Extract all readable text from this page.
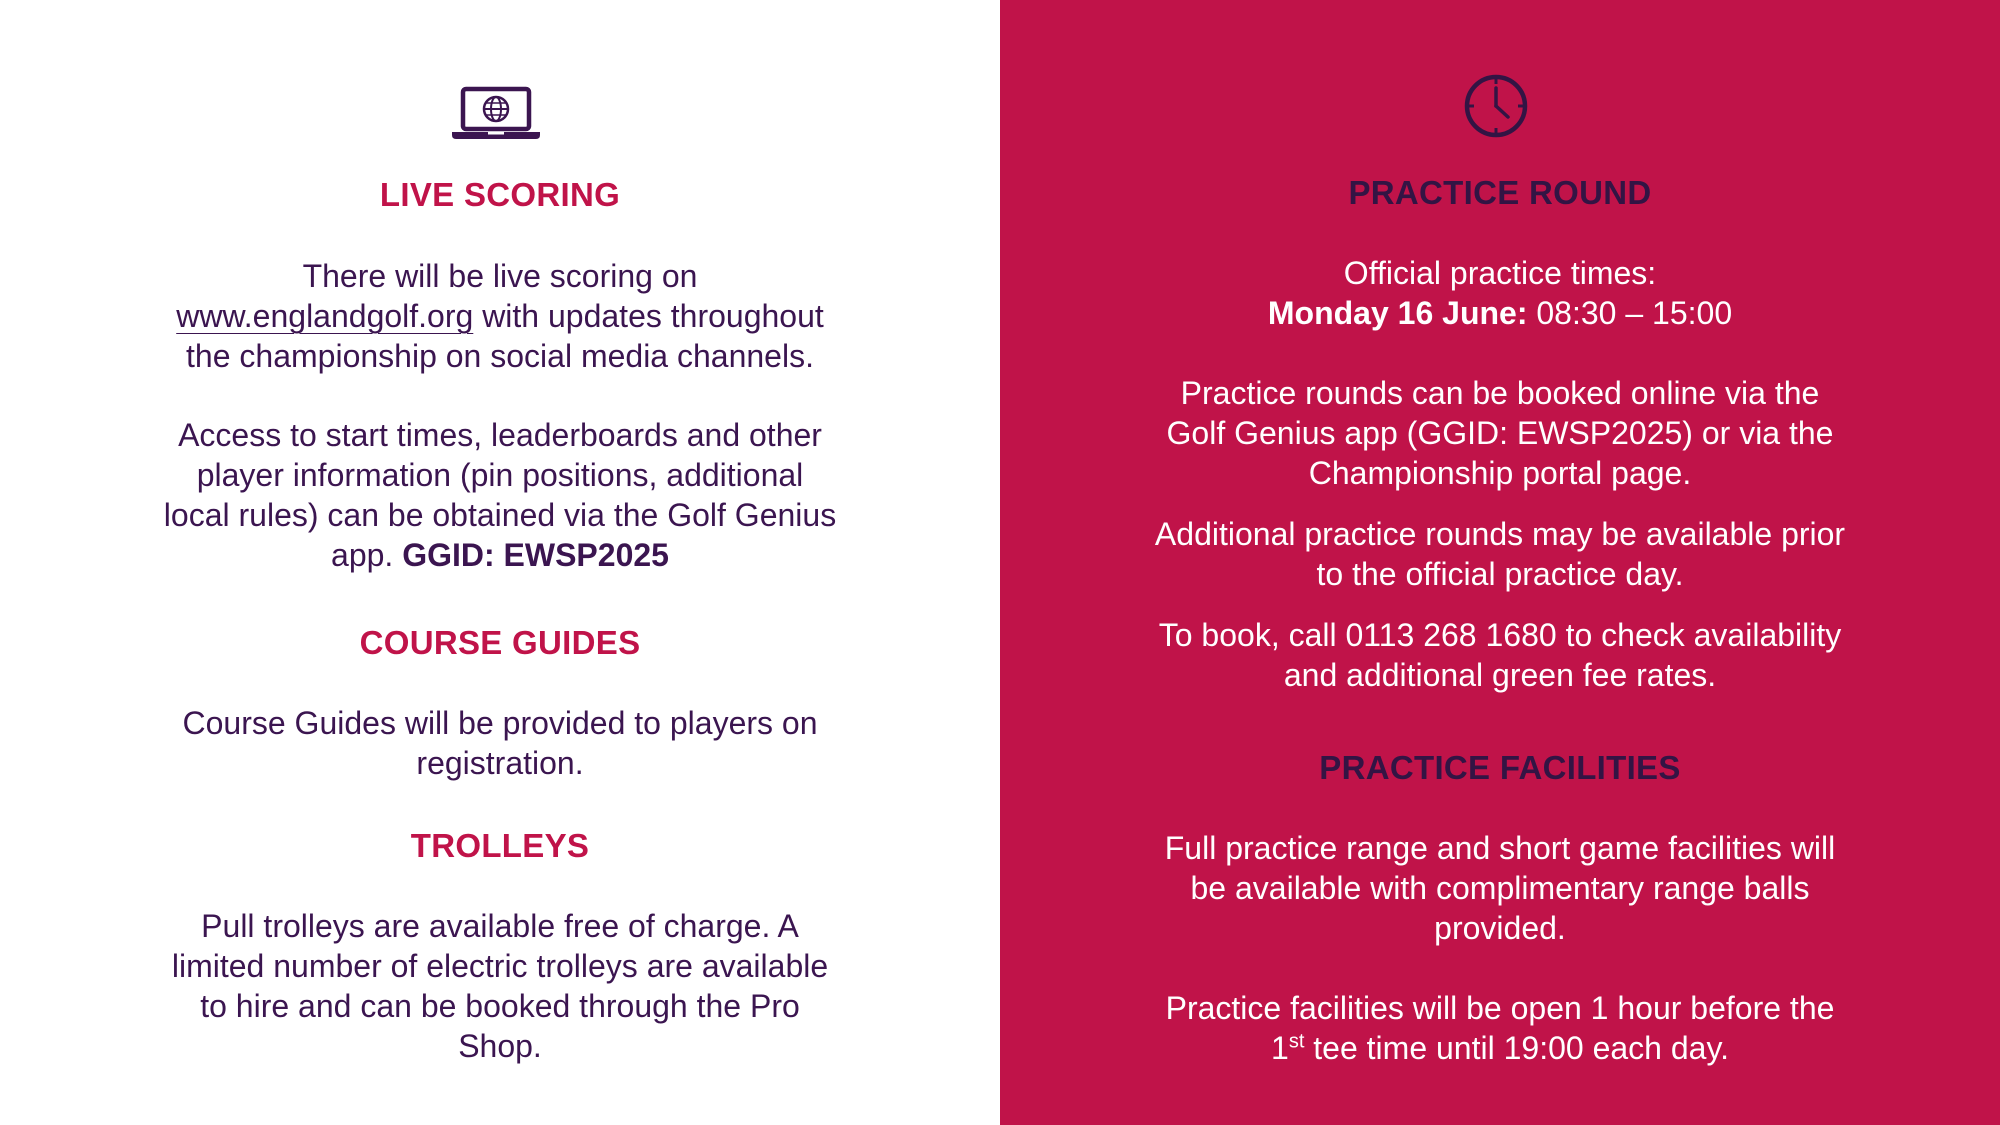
LIVE SCORING
There will be live scoring on
www.englandgolf.org with updates throughout
the championship on social media channels.
Access to start times, leaderboards and other
player information (pin positions, additional
local rules) can be obtained via the Golf Genius
app. GGID: EWSP2025
COURSE GUIDES
Course Guides will be provided to players on
registration.
TROLLEYS
Pull trolleys are available free of charge. A
limited number of electric trolleys are available
to hire and can be booked through the Pro
Shop.
PRACTICE ROUND
Official practice times:
Monday 16 June: 08:30 – 15:00
Practice rounds can be booked online via the
Golf Genius app (GGID: EWSP2025) or via the
Championship portal page.
Additional practice rounds may be available prior
to the official practice day.
To book, call 0113 268 1680 to check availability
and additional green fee rates.
PRACTICE FACILITIES
Full practice range and short game facilities will
be available with complimentary range balls
provided.
Practice facilities will be open 1 hour before the
1st tee time until 19:00 each day.
